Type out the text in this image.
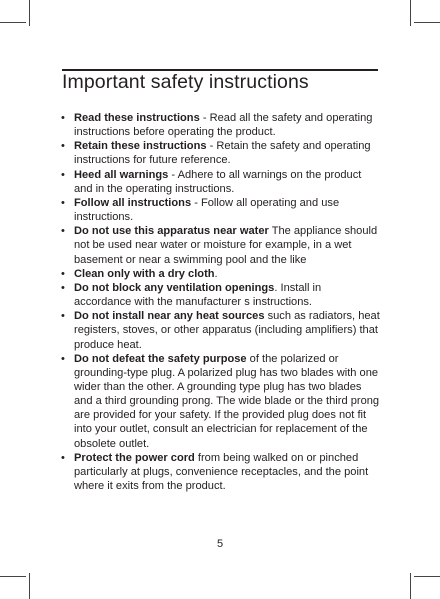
Important safety instructions
• Read these instructions - Read all the safety and operating instructions before operating the product.
• Retain these instructions - Retain the safety and operating instructions for future reference.
• Heed all warnings - Adhere to all warnings on the product and in the operating instructions.
• Follow all instructions - Follow all operating and use instructions.
• Do not use this apparatus near water The appliance should not be used near water or moisture for example, in a wet basement or near a swimming pool and the like
• Clean only with a dry cloth.
• Do not block any ventilation openings. Install in accordance with the manufacturer s instructions.
• Do not install near any heat sources such as radiators, heat registers, stoves, or other apparatus (including amplifiers) that produce heat.
• Do not defeat the safety purpose of the polarized or grounding-type plug. A polarized plug has two blades with one wider than the other. A grounding type plug has two blades and a third grounding prong. The wide blade or the third prong are provided for your safety. If the provided plug does not fit into your outlet, consult an electrician for replacement of the obsolete outlet.
• Protect the power cord from being walked on or pinched particularly at plugs, convenience receptacles, and the point where it exits from the product.
5
